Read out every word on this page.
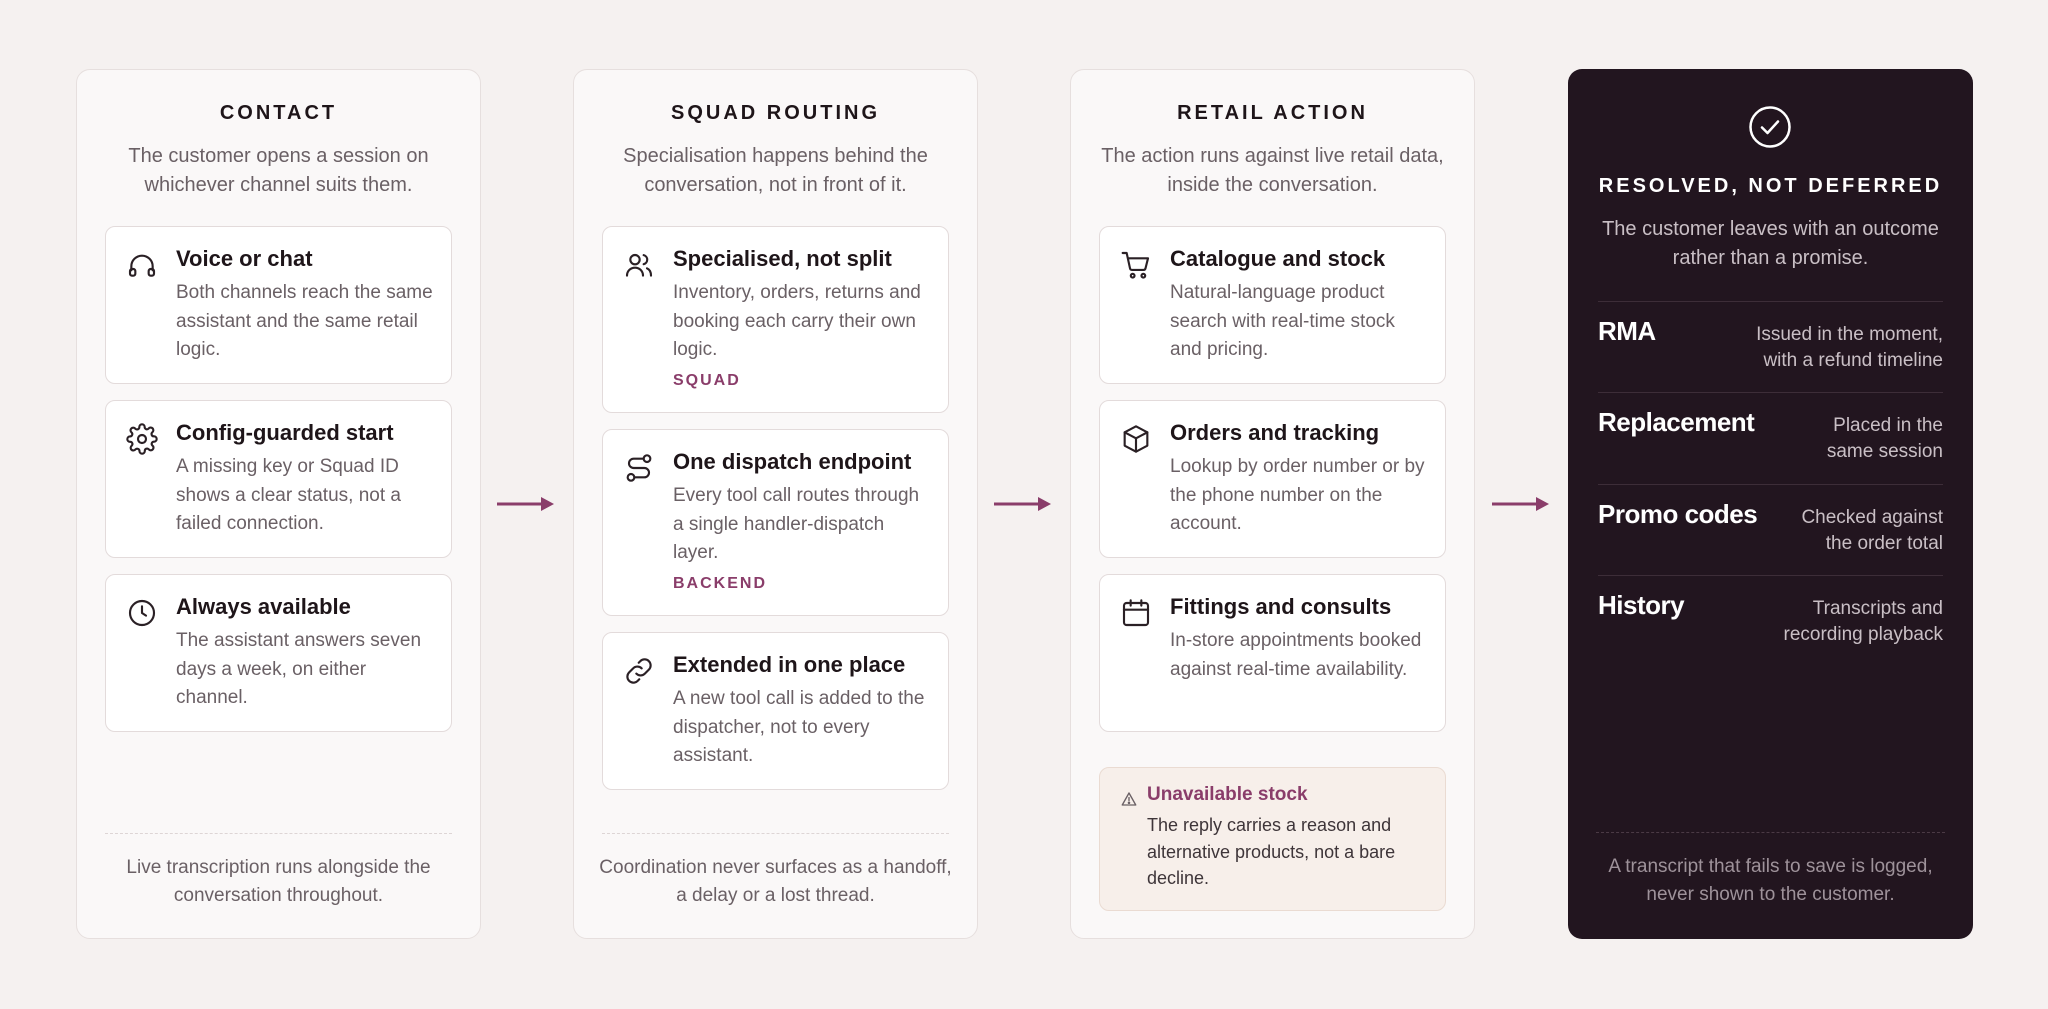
CONTACT
The customer opens a session on whichever channel suits them.
Voice or chat
Both channels reach the same assistant and the same retail logic.
Config-guarded start
A missing key or Squad ID shows a clear status, not a failed connection.
Always available
The assistant answers seven days a week, on either channel.
Live transcription runs alongside the conversation throughout.
SQUAD ROUTING
Specialisation happens behind the conversation, not in front of it.
Specialised, not split
Inventory, orders, returns and booking each carry their own logic.
SQUAD
One dispatch endpoint
Every tool call routes through a single handler-dispatch layer.
BACKEND
Extended in one place
A new tool call is added to the dispatcher, not to every assistant.
Coordination never surfaces as a handoff, a delay or a lost thread.
RETAIL ACTION
The action runs against live retail data, inside the conversation.
Catalogue and stock
Natural-language product search with real-time stock and pricing.
Orders and tracking
Lookup by order number or by the phone number on the account.
Fittings and consults
In-store appointments booked against real-time availability.
Unavailable stock
The reply carries a reason and alternative products, not a bare decline.
RESOLVED, NOT DEFERRED
The customer leaves with an outcome rather than a promise.
RMA	Issued in the moment, with a refund timeline
Replacement	Placed in the same session
Promo codes	Checked against the order total
History	Transcripts and recording playback
A transcript that fails to save is logged, never shown to the customer.
